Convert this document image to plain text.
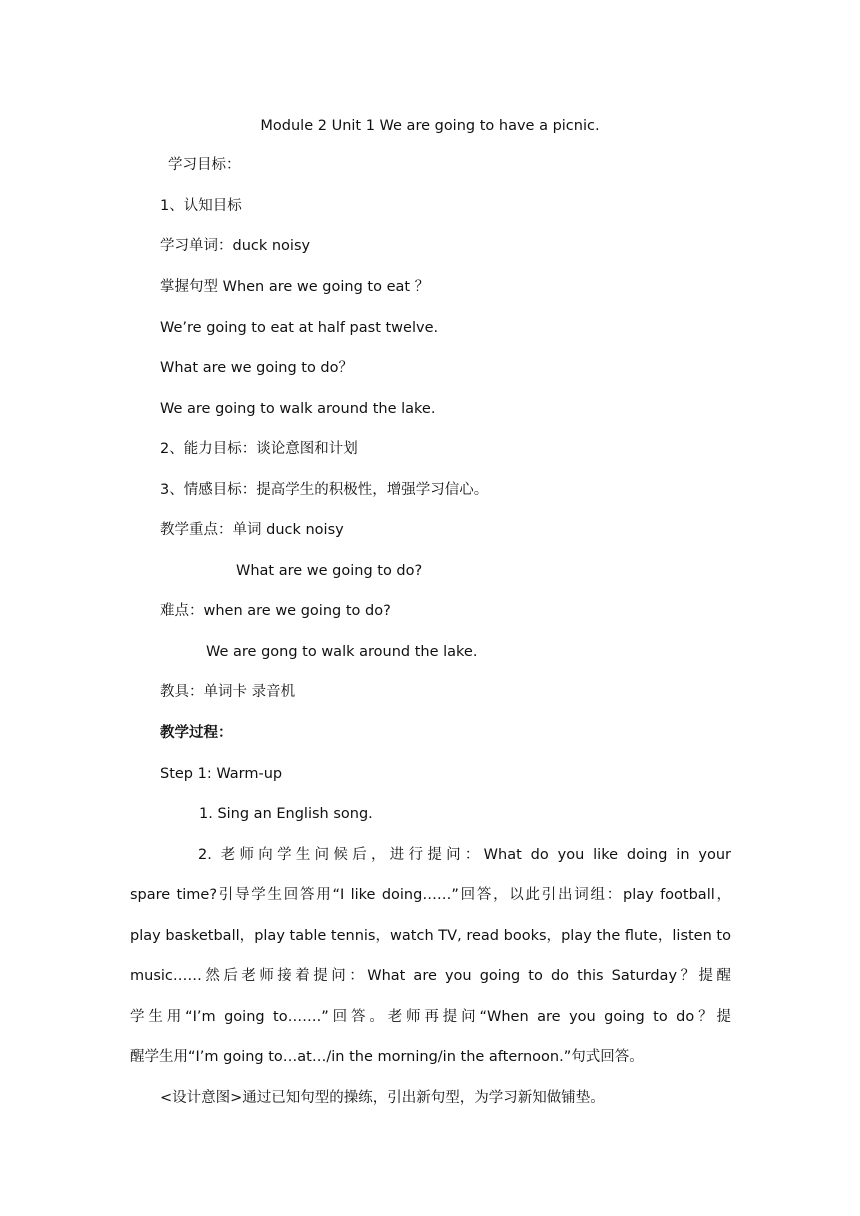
Module 2 Unit 1 We are going to have a picnic.
学习目标：
1、认知目标
学习单词：duck noisy
掌握句型 When are we going to eat ？
We’re going to eat at half past twelve.
What are we going to do？
We are going to walk around the lake.
2、能力目标：谈论意图和计划
3、情感目标：提高学生的积极性，增强学习信心。
教学重点：单词 duck noisy
What are we going to do?
难点：when are we going to do?
We are gong to walk around the lake.
教具：单词卡 录音机
教学过程：
Step 1: Warm-up
1. Sing an English song.
2. 老师向学生问候后，进行提问：What do you like doing in your
spare time?引导学生回答用“I like doing……”回答，以此引出词组：play football，
play basketball，play table tennis，watch TV, read books，play the flute，listen to
music……然后老师接着提问：What are you going to do this Saturday？提醒
学生用“I’m going to…….”回答。老师再提问“When are you going to do？提
醒学生用“I’m going to…at…/in the morning/in the afternoon.”句式回答。
<设计意图>通过已知句型的操练，引出新句型，为学习新知做铺垫。
